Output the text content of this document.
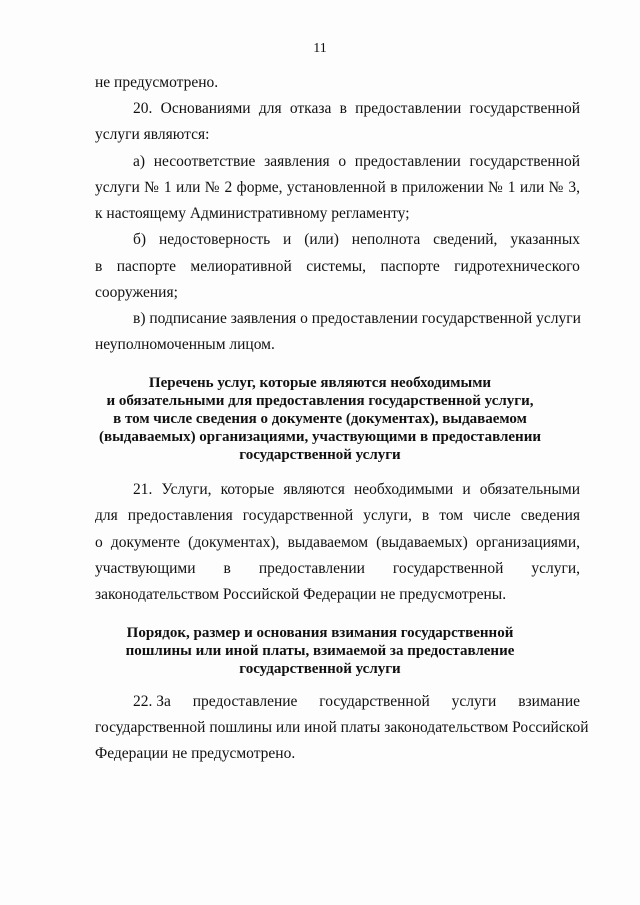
11
не предусмотрено.
20. Основаниями для отказа в предоставлении государственной
услуги являются:
а) несоответствие заявления о предоставлении государственной
услуги № 1 или № 2 форме, установленной в приложении № 1 или № 3,
к настоящему Административному регламенту;
б) недостоверность и (или) неполнота сведений, указанных
в паспорте мелиоративной системы, паспорте гидротехнического
сооружения;
в) подписание заявления о предоставлении государственной услуги
неуполномоченным лицом.
Перечень услуг, которые являются необходимыми
и обязательными для предоставления государственной услуги,
в том числе сведения о документе (документах), выдаваемом
(выдаваемых) организациями, участвующими в предоставлении
государственной услуги
21. Услуги, которые являются необходимыми и обязательными
для предоставления государственной услуги, в том числе сведения
о документе (документах), выдаваемом (выдаваемых) организациями,
участвующими в предоставлении государственной услуги,
законодательством Российской Федерации не предусмотрены.
Порядок, размер и основания взимания государственной
пошлины или иной платы, взимаемой за предоставление
государственной услуги
22. За предоставление государственной услуги взимание
государственной пошлины или иной платы законодательством Российской
Федерации не предусмотрено.
